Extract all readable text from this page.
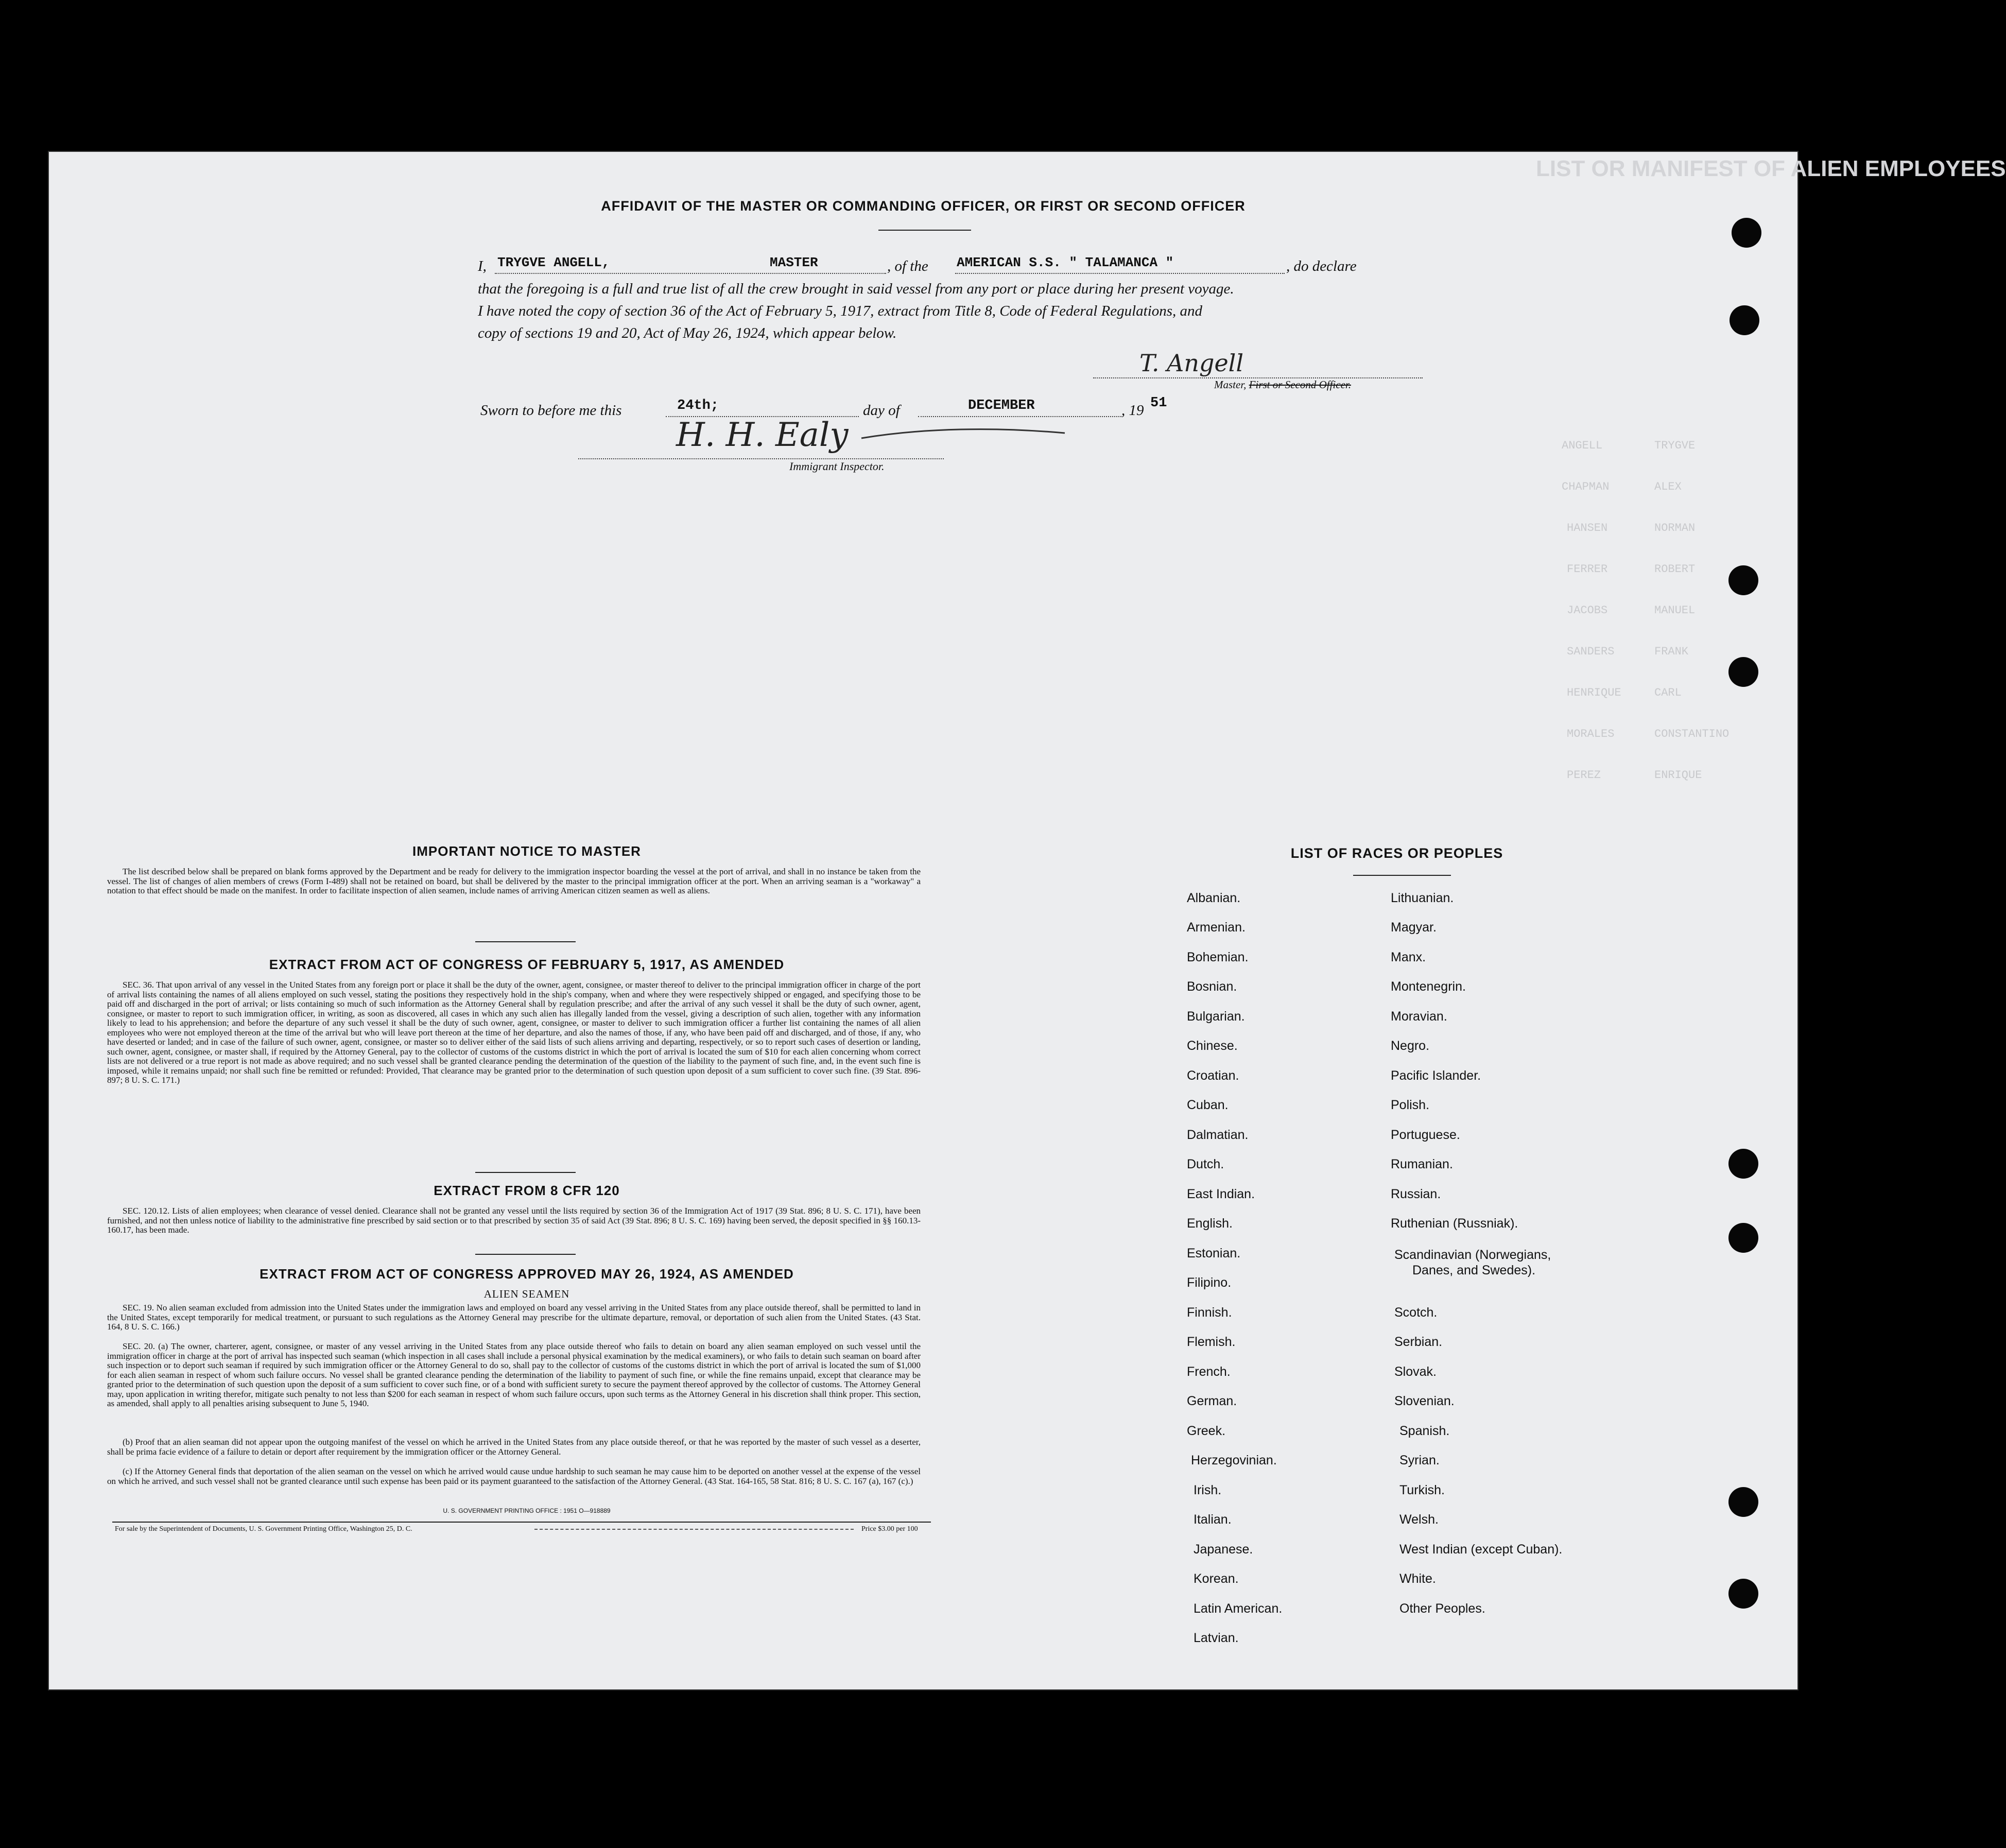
LIST OR MANIFEST OF ALIEN EMPLOYEES
ANGELL	TRYGVE
CHAPMAN	ALEX
HANSEN	NORMAN
FERRER	ROBERT
JACOBS	MANUEL
SANDERS	FRANK
HENRIQUE	CARL
MORALES	CONSTANTINO
PEREZ	ENRIQUE
AFFIDAVIT OF THE MASTER OR COMMANDING OFFICER, OR FIRST OR SECOND OFFICER
I, TRYGVE ANGELL,	MASTER	, of the AMERICAN S.S. " TALAMANCA "	, do declare
that the foregoing is a full and true list of all the crew brought in said vessel from any port or place during her present voyage.
I have noted the copy of section 36 of the Act of February 5, 1917, extract from Title 8, Code of Federal Regulations, and
copy of sections 19 and 20, Act of May 26, 1924, which appear below.
T. Angell
Master, First or Second Officer.
Sworn to before me this	24th;	day of	DECEMBER	, 19 51
H. H. Ealy
Immigrant Inspector.
IMPORTANT NOTICE TO MASTER
The list described below shall be prepared on blank forms approved by the Department and be ready for delivery to the immigration inspector boarding the vessel at the port of arrival, and shall in no instance be taken from the vessel. The list of changes of alien members of crews (Form I-489) shall not be retained on board, but shall be delivered by the master to the principal immigration officer at the port. When an arriving seaman is a "workaway" a notation to that effect should be made on the manifest. In order to facilitate inspection of alien seamen, include names of arriving American citizen seamen as well as aliens.
EXTRACT FROM ACT OF CONGRESS OF FEBRUARY 5, 1917, AS AMENDED
SEC. 36. That upon arrival of any vessel in the United States from any foreign port or place it shall be the duty of the owner, agent, consignee, or master thereof to deliver to the principal immigration officer in charge of the port of arrival lists containing the names of all aliens employed on such vessel, stating the positions they respectively hold in the ship's company, when and where they were respectively shipped or engaged, and specifying those to be paid off and discharged in the port of arrival; or lists containing so much of such information as the Attorney General shall by regulation prescribe; and after the arrival of any such vessel it shall be the duty of such owner, agent, consignee, or master to report to such immigration officer, in writing, as soon as discovered, all cases in which any such alien has illegally landed from the vessel, giving a description of such alien, together with any information likely to lead to his apprehension; and before the departure of any such vessel it shall be the duty of such owner, agent, consignee, or master to deliver to such immigration officer a further list containing the names of all alien employees who were not employed thereon at the time of the arrival but who will leave port thereon at the time of her departure, and also the names of those, if any, who have been paid off and discharged, and of those, if any, who have deserted or landed; and in case of the failure of such owner, agent, consignee, or master so to deliver either of the said lists of such aliens arriving and departing, respectively, or so to report such cases of desertion or landing, such owner, agent, consignee, or master shall, if required by the Attorney General, pay to the collector of customs of the customs district in which the port of arrival is located the sum of $10 for each alien concerning whom correct lists are not delivered or a true report is not made as above required; and no such vessel shall be granted clearance pending the determination of the question of the liability to the payment of such fine, and, in the event such fine is imposed, while it remains unpaid; nor shall such fine be remitted or refunded: Provided, That clearance may be granted prior to the determination of such question upon deposit of a sum sufficient to cover such fine. (39 Stat. 896-897; 8 U. S. C. 171.)
EXTRACT FROM 8 CFR 120
SEC. 120.12. Lists of alien employees; when clearance of vessel denied. Clearance shall not be granted any vessel until the lists required by section 36 of the Immigration Act of 1917 (39 Stat. 896; 8 U. S. C. 171), have been furnished, and not then unless notice of liability to the administrative fine prescribed by said section or to that prescribed by section 35 of said Act (39 Stat. 896; 8 U. S. C. 169) having been served, the deposit specified in §§ 160.13-160.17, has been made.
EXTRACT FROM ACT OF CONGRESS APPROVED MAY 26, 1924, AS AMENDED
ALIEN SEAMEN
SEC. 19. No alien seaman excluded from admission into the United States under the immigration laws and employed on board any vessel arriving in the United States from any place outside thereof, shall be permitted to land in the United States, except temporarily for medical treatment, or pursuant to such regulations as the Attorney General may prescribe for the ultimate departure, removal, or deportation of such alien from the United States. (43 Stat. 164, 8 U. S. C. 166.)
SEC. 20. (a) The owner, charterer, agent, consignee, or master of any vessel arriving in the United States from any place outside thereof who fails to detain on board any alien seaman employed on such vessel until the immigration officer in charge at the port of arrival has inspected such seaman (which inspection in all cases shall include a personal physical examination by the medical examiners), or who fails to detain such seaman on board after such inspection or to deport such seaman if required by such immigration officer or the Attorney General to do so, shall pay to the collector of customs of the customs district in which the port of arrival is located the sum of $1,000 for each alien seaman in respect of whom such failure occurs. No vessel shall be granted clearance pending the determination of the liability to payment of such fine, or while the fine remains unpaid, except that clearance may be granted prior to the determination of such question upon the deposit of a sum sufficient to cover such fine, or of a bond with sufficient surety to secure the payment thereof approved by the collector of customs. The Attorney General may, upon application in writing therefor, mitigate such penalty to not less than $200 for each seaman in respect of whom such failure occurs, upon such terms as the Attorney General in his discretion shall think proper. This section, as amended, shall apply to all penalties arising subsequent to June 5, 1940.
(b) Proof that an alien seaman did not appear upon the outgoing manifest of the vessel on which he arrived in the United States from any place outside thereof, or that he was reported by the master of such vessel as a deserter, shall be prima facie evidence of a failure to detain or deport after requirement by the immigration officer or the Attorney General.
(c) If the Attorney General finds that deportation of the alien seaman on the vessel on which he arrived would cause undue hardship to such seaman he may cause him to be deported on another vessel at the expense of the vessel on which he arrived, and such vessel shall not be granted clearance until such expense has been paid or its payment guaranteed to the satisfaction of the Attorney General. (43 Stat. 164-165, 58 Stat. 816; 8 U. S. C. 167 (a), 167 (c).)
U. S. GOVERNMENT PRINTING OFFICE : 1951 O—918889
For sale by the Superintendent of Documents, U. S. Government Printing Office, Washington 25, D. C.	Price $3.00 per 100
LIST OF RACES OR PEOPLES
Albanian.
Armenian.
Bohemian.
Bosnian.
Bulgarian.
Chinese.
Croatian.
Cuban.
Dalmatian.
Dutch.
East Indian.
English.
Estonian.
Filipino.
Finnish.
Flemish.
French.
German.
Greek.
Herzegovinian.
Irish.
Italian.
Japanese.
Korean.
Latin American.
Latvian.
Lithuanian.
Magyar.
Manx.
Montenegrin.
Moravian.
Negro.
Pacific Islander.
Polish.
Portuguese.
Rumanian.
Russian.
Ruthenian (Russniak).
Scandinavian (Norwegians,
Danes, and Swedes).
Scotch.
Serbian.
Slovak.
Slovenian.
Spanish.
Syrian.
Turkish.
Welsh.
West Indian (except Cuban).
White.
Other Peoples.
